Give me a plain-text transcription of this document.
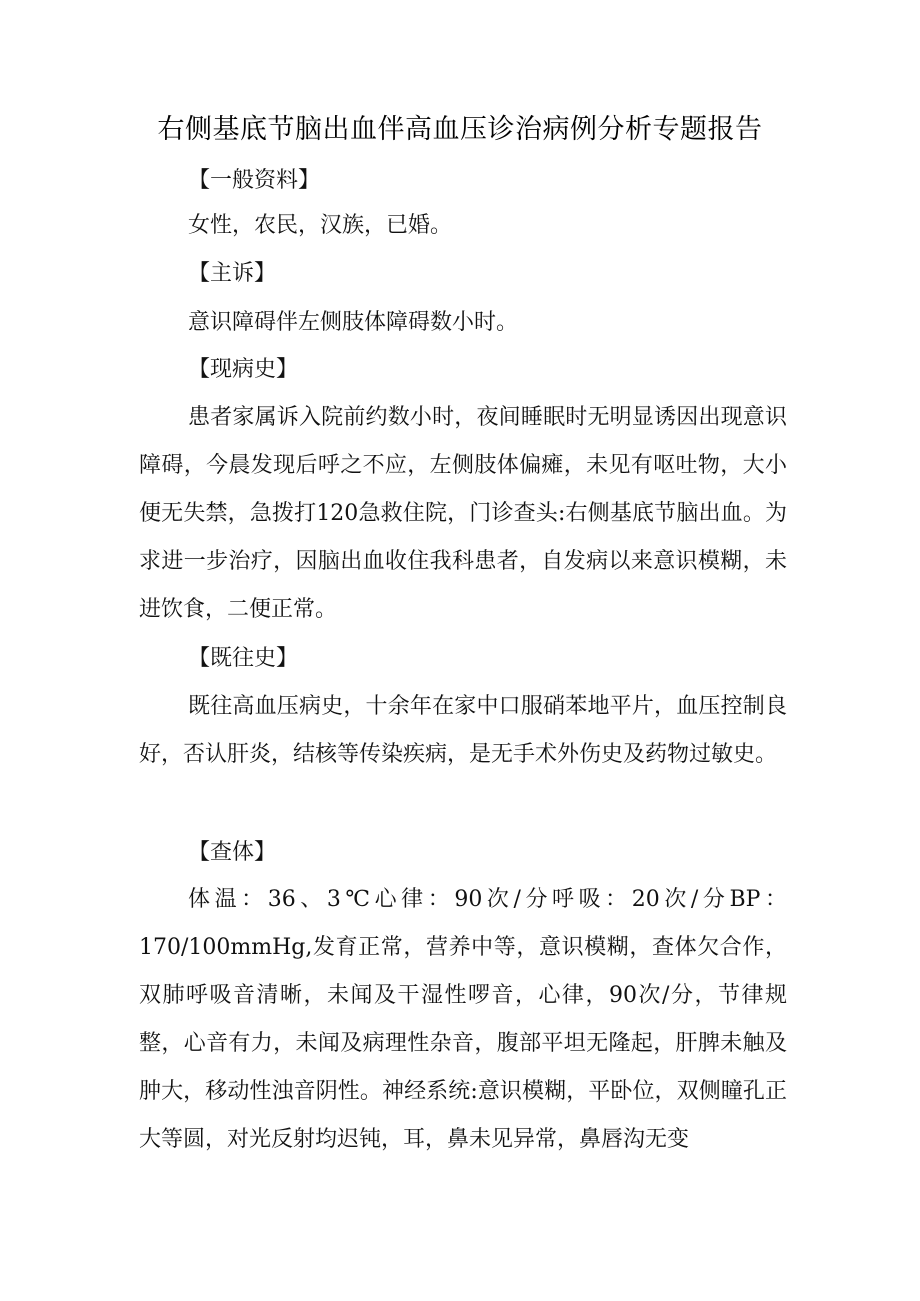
右侧基底节脑出血伴高血压诊治病例分析专题报告

【一般资料】

女性，农民，汉族，已婚。

【主诉】

意识障碍伴左侧肢体障碍数小时。

【现病史】

患者家属诉入院前约数小时，夜间睡眠时无明显诱因出现意识障碍，今晨发现后呼之不应，左侧肢体偏瘫，未见有呕吐物，大小便无失禁，急拨打120急救住院，门诊查头:右侧基底节脑出血。为求进一步治疗，因脑出血收住我科患者，自发病以来意识模糊，未进饮食，二便正常。

【既往史】

既往高血压病史，十余年在家中口服硝苯地平片，血压控制良好，否认肝炎，结核等传染疾病，是无手术外伤史及药物过敏史。

【查体】

体温：36、3℃心律：90次/分呼吸：20次/分BP：170/100mmHg,发育正常，营养中等，意识模糊，查体欠合作，双肺呼吸音清晰，未闻及干湿性啰音，心律，90次/分，节律规整，心音有力，未闻及病理性杂音，腹部平坦无隆起，肝脾未触及肿大，移动性浊音阴性。神经系统:意识模糊，平卧位，双侧瞳孔正大等圆，对光反射均迟钝，耳，鼻未见异常，鼻唇沟无变
